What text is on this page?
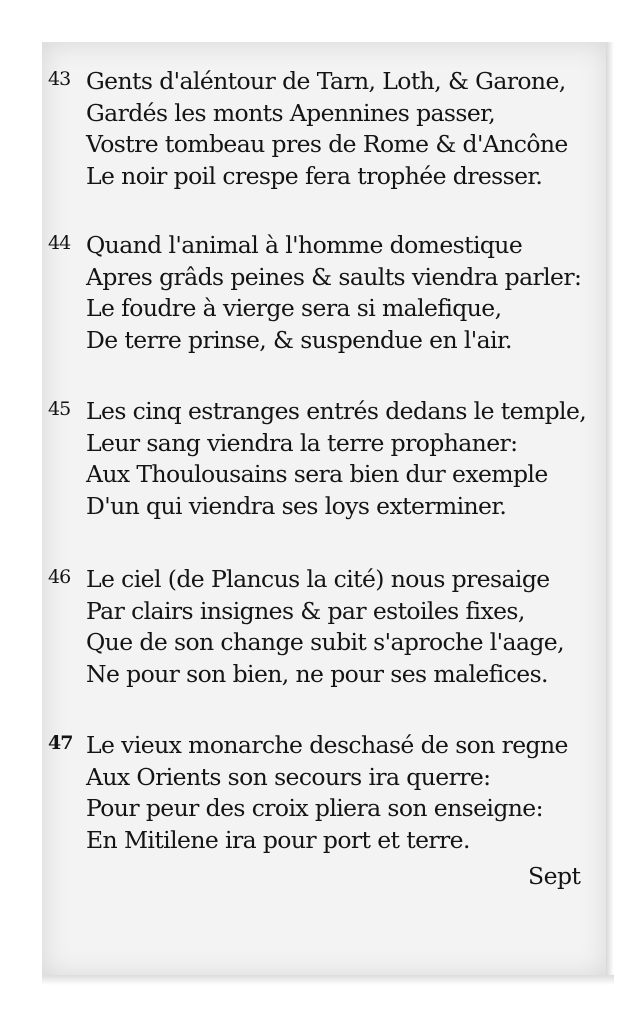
43 Gents d'aléntour de Tarn, Loth, & Garone,
Gardés les monts Apennines passer,
Vostre tombeau pres de Rome & d'Ancône
Le noir poil crespe fera trophée dresser.
44 Quand l'animal à l'homme domestique
Apres grâds peines & saults viendra parler:
Le foudre à vierge sera si malefique,
De terre prinse, & suspendue en l'air.
45 Les cinq estranges entrés dedans le temple,
Leur sang viendra la terre prophaner:
Aux Thoulousains sera bien dur exemple
D'un qui viendra ses loys exterminer.
46 Le ciel (de Plancus la cité) nous presaige
Par clairs insignes & par estoiles fixes,
Que de son change subit s'aproche l'aage,
Ne pour son bien, ne pour ses malefices.
47 Le vieux monarche deschasé de son regne
Aux Orients son secours ira querre:
Pour peur des croix pliera son enseigne:
En Mitilene ira pour port et terre.
Sept
